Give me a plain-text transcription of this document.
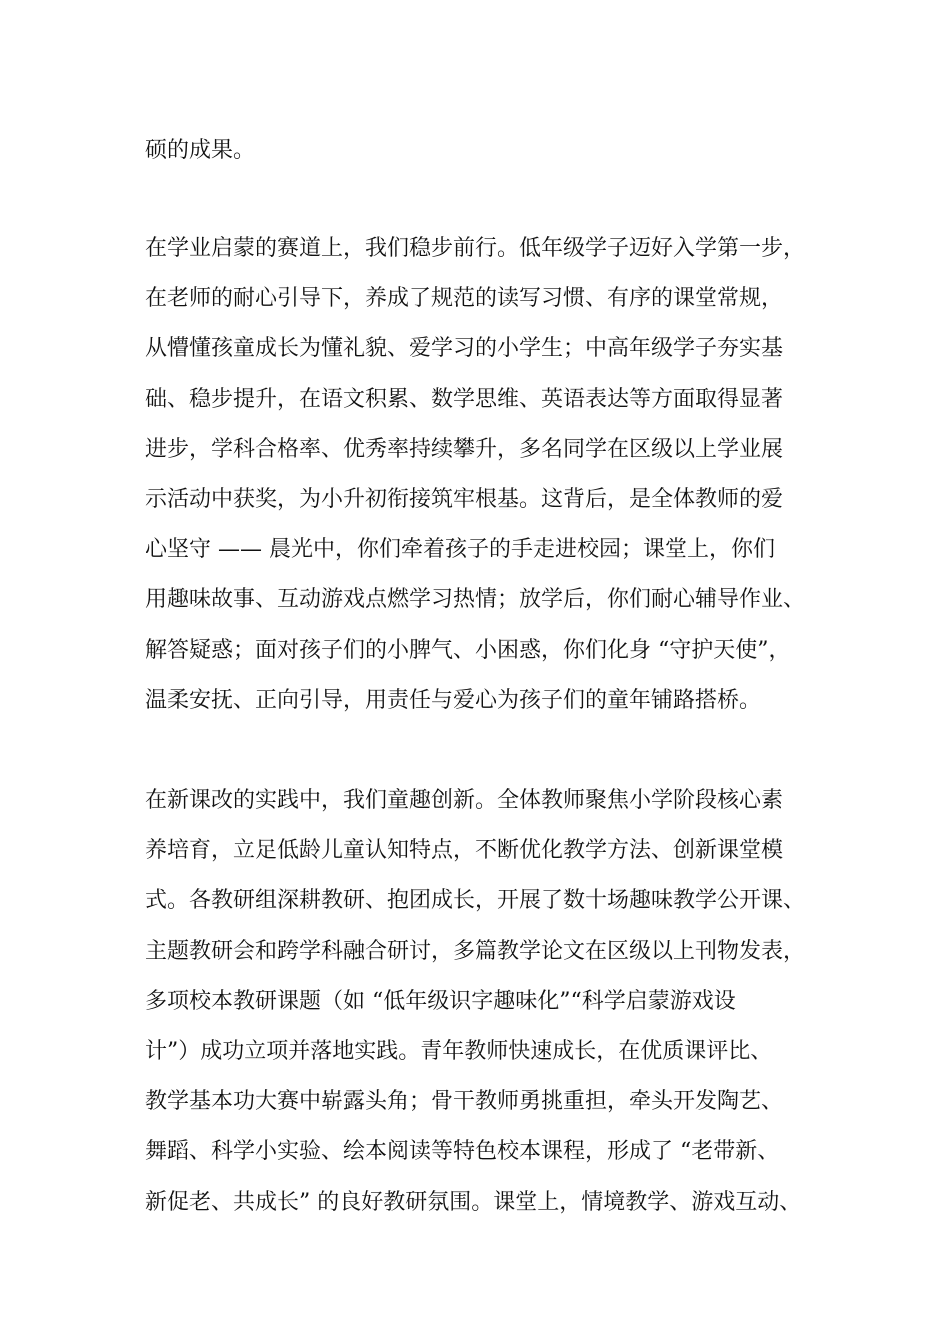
硕的成果。
在学业启蒙的赛道上，我们稳步前行。低年级学子迈好入学第一步，
在老师的耐心引导下，养成了规范的读写习惯、有序的课堂常规，
从懵懂孩童成长为懂礼貌、爱学习的小学生；中高年级学子夯实基
础、稳步提升，在语文积累、数学思维、英语表达等方面取得显著
进步，学科合格率、优秀率持续攀升，多名同学在区级以上学业展
示活动中获奖，为小升初衔接筑牢根基。这背后，是全体教师的爱
心坚守 —— 晨光中，你们牵着孩子的手走进校园；课堂上，你们
用趣味故事、互动游戏点燃学习热情；放学后，你们耐心辅导作业、
解答疑惑；面对孩子们的小脾气、小困惑，你们化身 “守护天使”，
温柔安抚、正向引导，用责任与爱心为孩子们的童年铺路搭桥。
在新课改的实践中，我们童趣创新。全体教师聚焦小学阶段核心素
养培育，立足低龄儿童认知特点，不断优化教学方法、创新课堂模
式。各教研组深耕教研、抱团成长，开展了数十场趣味教学公开课、
主题教研会和跨学科融合研讨，多篇教学论文在区级以上刊物发表，
多项校本教研课题（如 “低年级识字趣味化”“科学启蒙游戏设
计”）成功立项并落地实践。青年教师快速成长，在优质课评比、
教学基本功大赛中崭露头角；骨干教师勇挑重担，牵头开发陶艺、
舞蹈、科学小实验、绘本阅读等特色校本课程，形成了 “老带新、
新促老、共成长” 的良好教研氛围。课堂上，情境教学、游戏互动、
